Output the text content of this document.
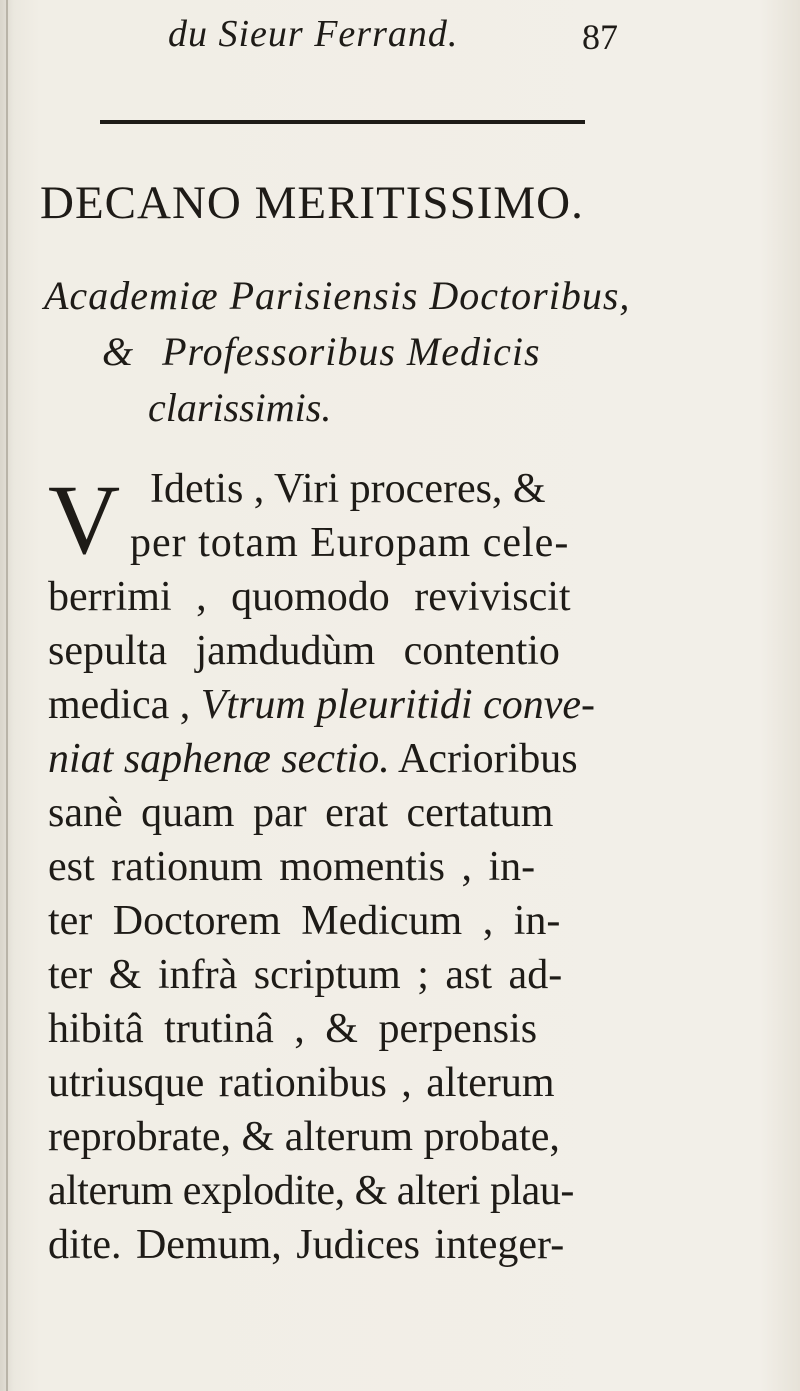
du Sieur Ferrand.	87
DECANO MERITISSIMO.
Academiæ Parisiensis Doctoribus,
& Professoribus Medicis
clarissimis.
V Idetis , Viri proceres, &
per totam Europam cele-
berrimi , quomodo reviviscit
sepulta jamdudùm contentio
medica , Vtrum pleuritidi conve-
niat saphenæ sectio. Acrioribus
sanè quam par erat certatum
est rationum momentis , in-
ter Doctorem Medicum , in-
ter & infrà scriptum ; ast ad-
hibitâ trutinâ , & perpensis
utriusque rationibus , alterum
reprobrate, & alterum probate,
alterum explodite, & alteri plau-
dite. Demum, Judices integer-
